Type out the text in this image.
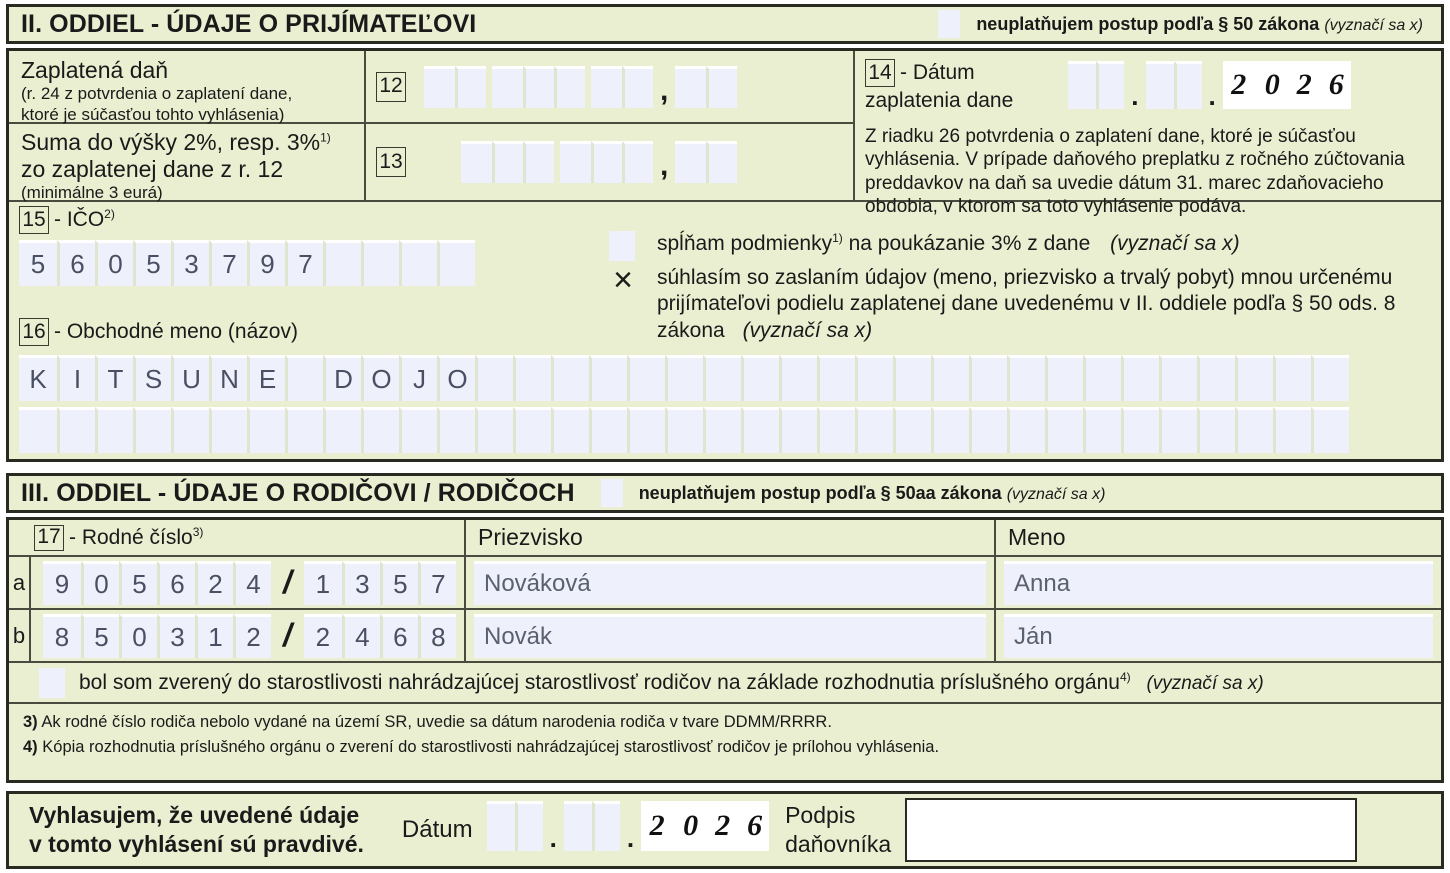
II. ODDIEL - ÚDAJE O PRIJÍMATEĽOVI	neuplatňujem postup podľa § 50 zákona (vyznačí sa x)
Zaplatená daň
(r. 24 z potvrdenia o zaplatení dane,
ktoré je súčasťou tohto vyhlásenia)
12	,
Suma do výšky 2%, resp. 3%$^{1)}$
zo zaplatenej dane z r. 12
(minimálne 3 eurá)
13	,
14 - Dátum
zaplatenia dane	.	. 2 0 2 6
Z riadku 26 potvrdenia o zaplatení dane, ktoré je súčasťou vyhlásenia. V prípade daňového preplatku z ročného zúčtovania preddavkov na daň sa uvedie dátum 31. marec zdaňovacieho obdobia, v ktorom sa toto vyhlásenie podáva.
15 - IČO$^{2)}$
5 6 0 5 3 7 9 7
spĺňam podmienky$^{1)}$ na poukázanie 3% z dane (vyznačí sa x)
× súhlasím so zaslaním údajov (meno, priezvisko a trvalý pobyt) mnou určenému
prijímateľovi podielu zaplatenej dane uvedenému v II. oddiele podľa § 50 ods. 8
zákona (vyznačí sa x)
16 - Obchodné meno (názov)
K	I	T S U N E	D O J O
III. ODDIEL - ÚDAJE O RODIČOVI / RODIČOCH	neuplatňujem postup podľa § 50aa zákona (vyznačí sa x)
17 - Rodné číslo$^{3)}$	Priezvisko	Meno
a	9 0 5 6 2 4 / 1 3 5 7	Nováková	Anna
b	8 5 0 3 1 2 / 2 4 6 8	Novák	Ján
bol som zverený do starostlivosti nahrádzajúcej starostlivosť rodičov na základe rozhodnutia príslušného orgánu$^{4)}$ (vyznačí sa x)
3) Ak rodné číslo rodiča nebolo vydané na území SR, uvedie sa dátum narodenia rodiča v tvare DDMM/RRRR.
4) Kópia rozhodnutia príslušného orgánu o zverení do starostlivosti nahrádzajúcej starostlivosť rodičov je prílohou vyhlásenia.
Vyhlasujem, že uvedené údaje
v tomto vyhlásení sú pravdivé.
Dátum	.	. 2 0 2 6	Podpis
daňovníka
